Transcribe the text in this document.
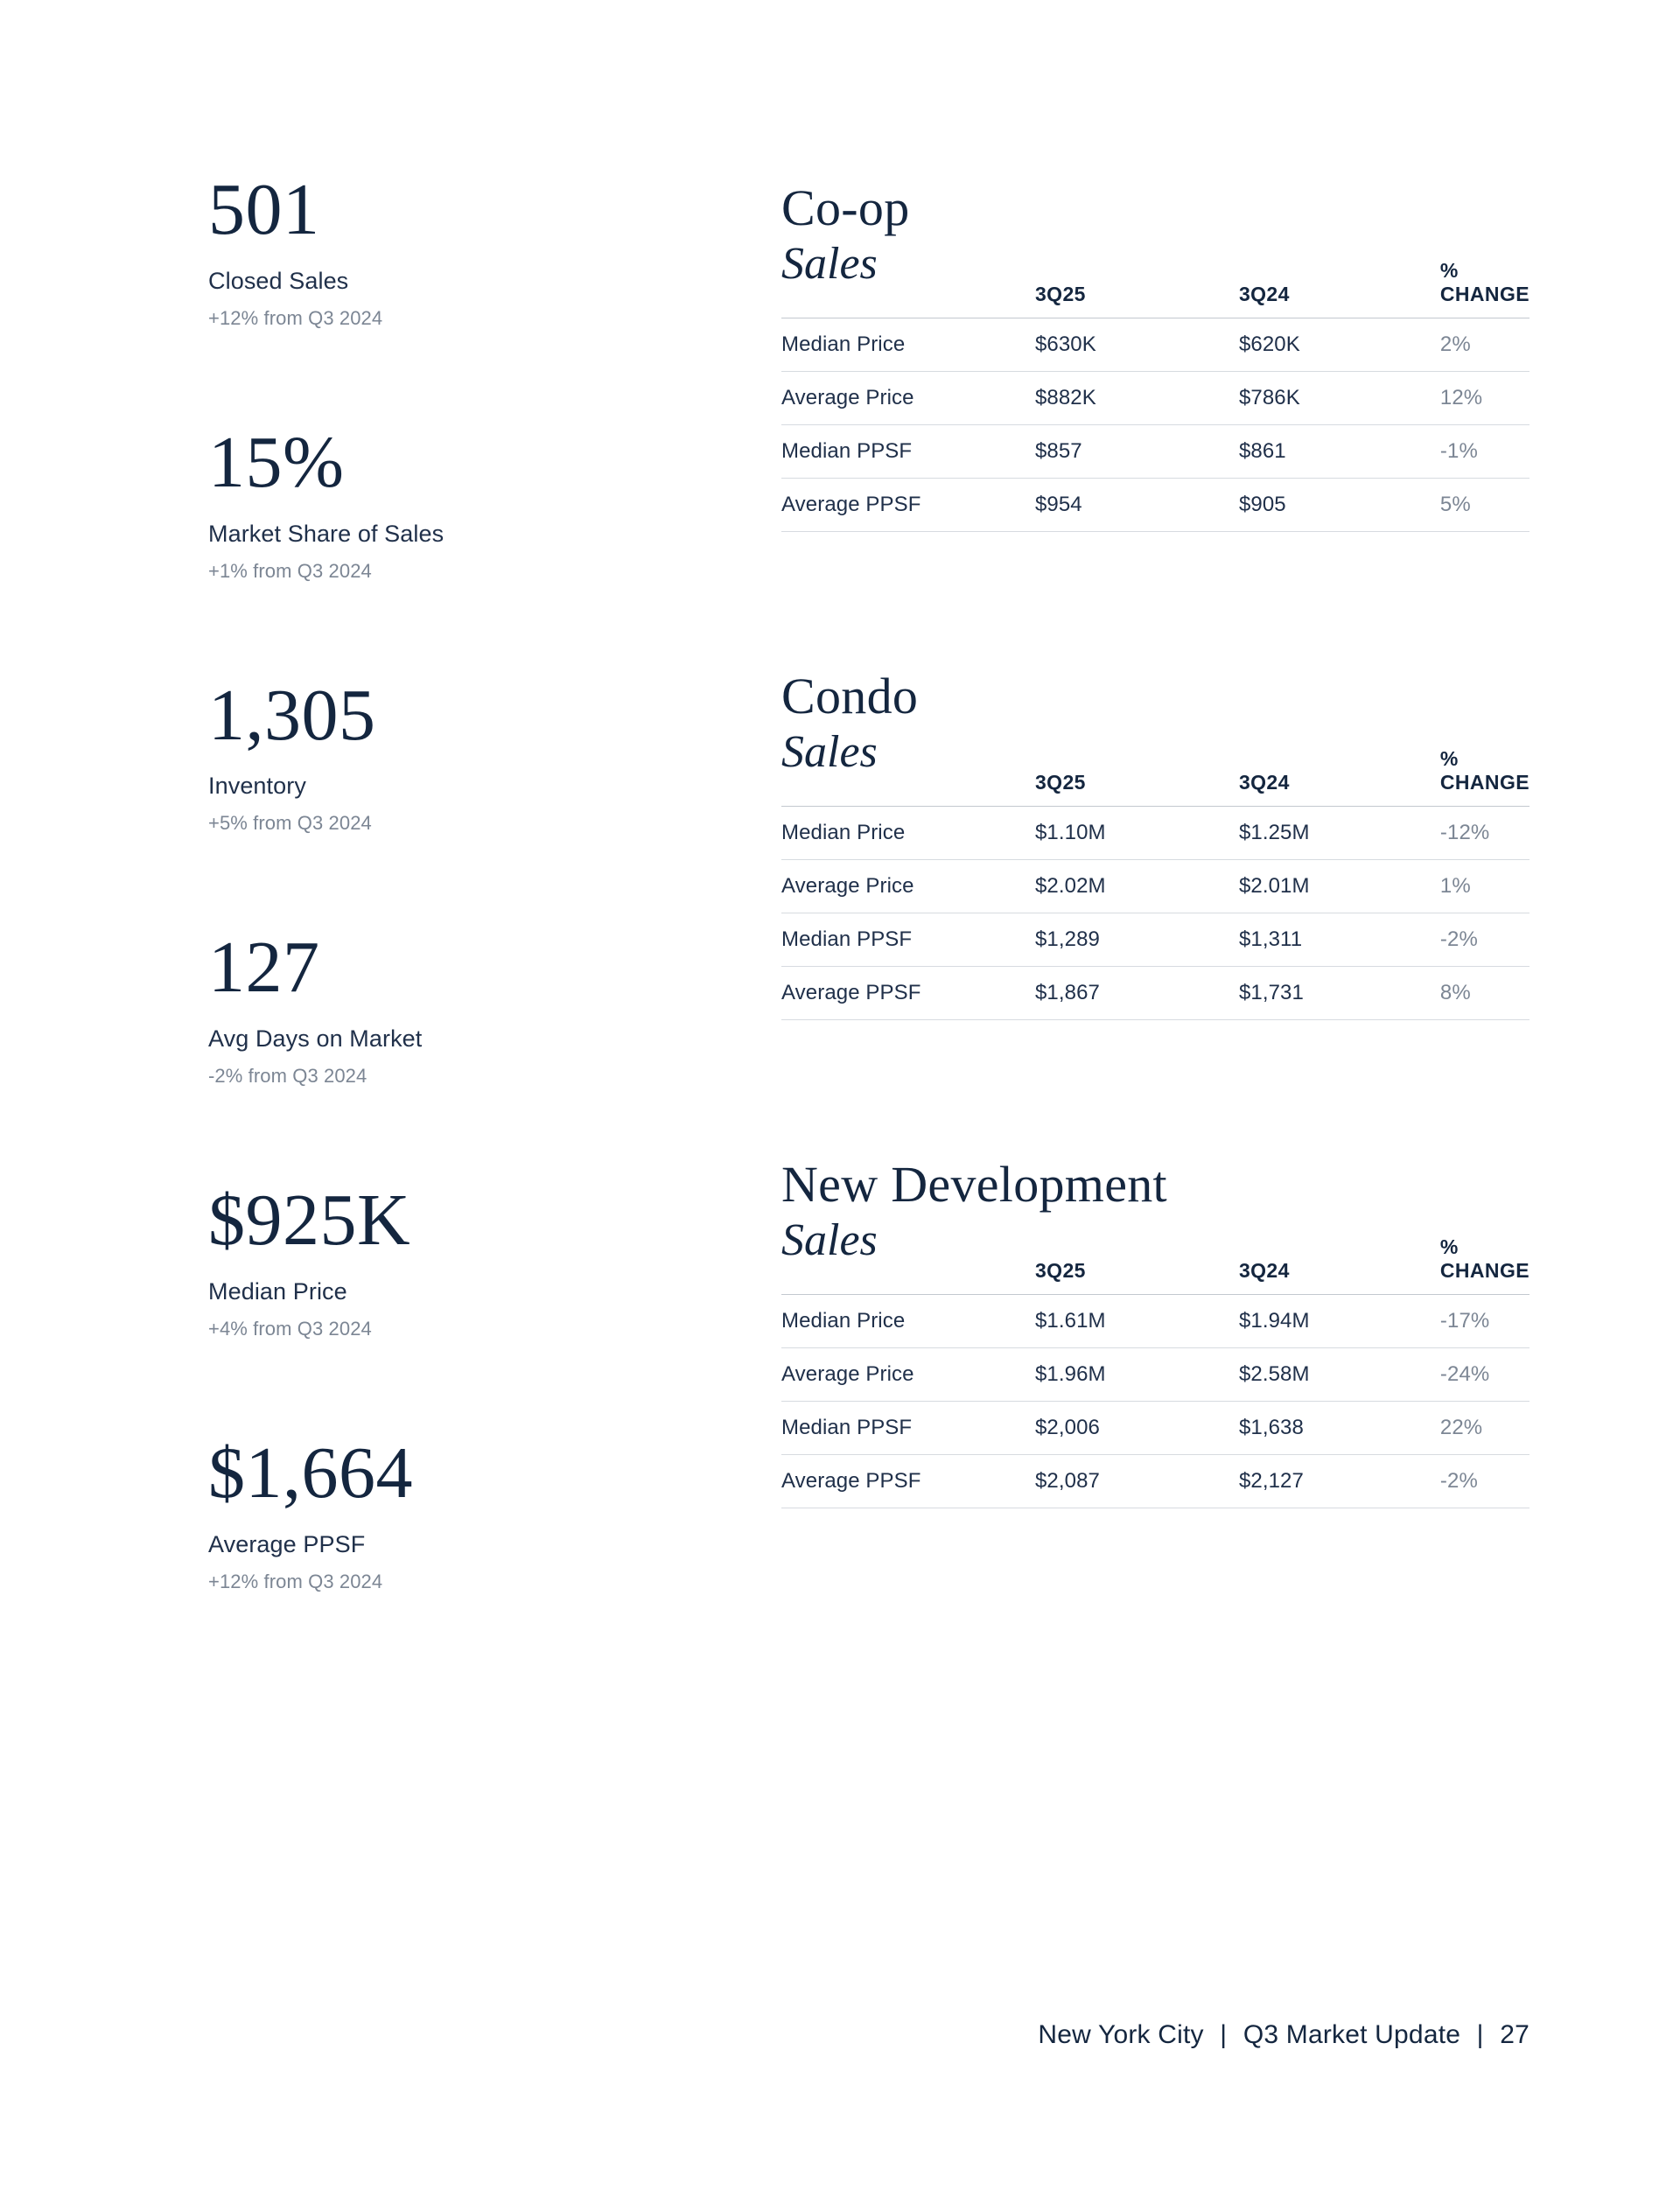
501
Closed Sales
+12% from Q3 2024
15%
Market Share of Sales
+1% from Q3 2024
1,305
Inventory
+5% from Q3 2024
127
Avg Days on Market
-2% from Q3 2024
$925K
Median Price
+4% from Q3 2024
$1,664
Average PPSF
+12% from Q3 2024
Co-op
Sales
	3Q25	3Q24	% CHANGE
Median Price	$630K	$620K	2%
Average Price	$882K	$786K	12%
Median PPSF	$857	$861	-1%
Average PPSF	$954	$905	5%
Condo
Sales
	3Q25	3Q24	% CHANGE
Median Price	$1.10M	$1.25M	-12%
Average Price	$2.02M	$2.01M	1%
Median PPSF	$1,289	$1,311	-2%
Average PPSF	$1,867	$1,731	8%
New Development
Sales
	3Q25	3Q24	% CHANGE
Median Price	$1.61M	$1.94M	-17%
Average Price	$1.96M	$2.58M	-24%
Median PPSF	$2,006	$1,638	22%
Average PPSF	$2,087	$2,127	-2%
New York City | Q3 Market Update | 27
